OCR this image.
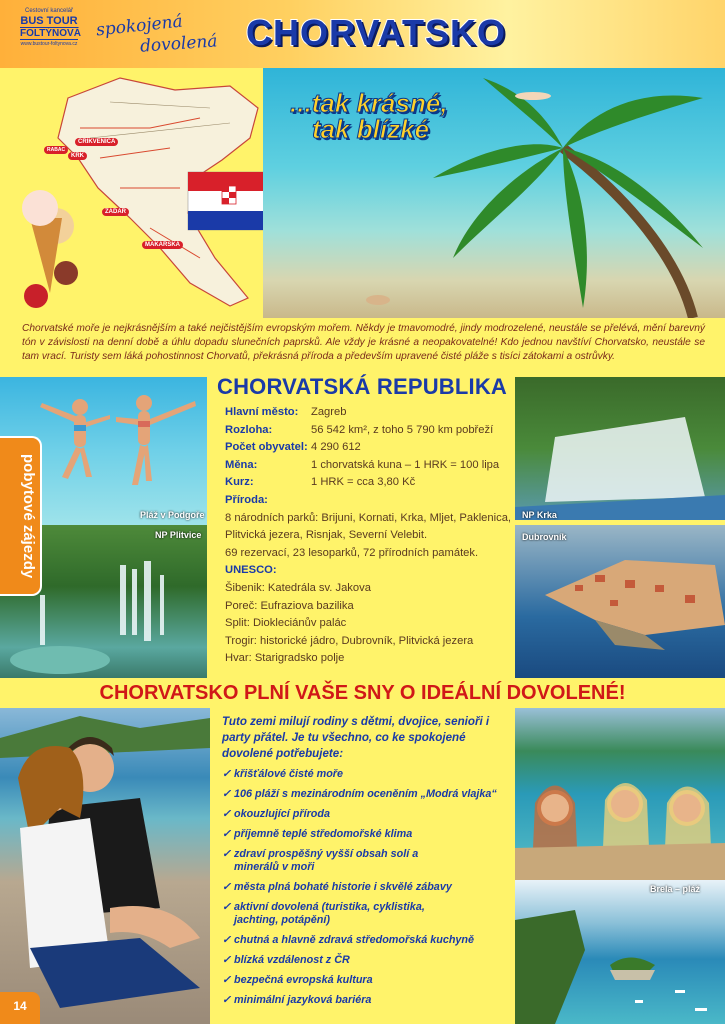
Cestovní kancelář
BUS TOUR
FOLTÝNOVÁ
www.bustour-foltynova.cz
spokojená
dovolená CHORVATSKO
CRIKVENICA
KRK
RABAC
ZADAR
MAKARSKA
...tak krásné,
tak blízké

Chorvatské moře je nejkrásnějším a také nejčistějším evropským mořem. Někdy je tmavomodré, jindy modrozelené, neustále se přelévá, mění barevný tón v závislosti na denní době a úhlu dopadu slunečních paprsků. Ale vždy je krásné a neopakovatelné! Kdo jednou navštíví Chorvatsko, neustále se tam vrací. Turisty sem láká pohostinnost Chorvatů, překrásná příroda a především upravené čisté pláže s tisíci zátokami a ostrůvky.

Pláž v Podgoře
NP Plitvice
pobytové zájezdy
CHORVATSKÁ REPUBLIKA
Hlavní město:	Zagreb
Rozloha:	56 542 km², z toho 5 790 km pobřeží
Počet obyvatel: 4 290 612
Měna:	1 chorvatská kuna – 1 HRK = 100 lipa
Kurz:	1 HRK = cca 3,80 Kč
Příroda:
8 národních parků: Brijuni, Kornati, Krka, Mljet, Paklenica, Plitvická jezera, Risnjak, Severní Velebit.
69 rezervací, 23 lesoparků, 72 přírodních památek.
UNESCO:
Šibenik: Katedrála sv. Jakova
Poreč: Eufraziova bazilika
Split: Diokleciánův palác
Trogir: historické jádro, Dubrovník, Plitvická jezera
Hvar: Starigradsko polje
NP Krka
Dubrovník
CHORVATSKO PLNÍ VAŠE SNY O IDEÁLNÍ DOVOLENÉ!

Tuto zemi milují rodiny s dětmi, dvojice, senioři i party přátel. Je tu všechno, co ke spokojené dovolené potřebujete:

✓ křišťálové čisté moře
✓ 106 pláží s mezinárodním oceněním „Modrá vlajka“
✓ okouzlující příroda
✓ příjemně teplé středomořské klima
✓ zdraví prospěšný vyšší obsah solí a minerálů v moři
✓ města plná bohaté historie i skvělé zábavy
✓ aktivní dovolená (turistika, cyklistika, jachting, potápění)
✓ chutná a hlavně zdravá středomořská kuchyně
✓ blízká vzdálenost z ČR
✓ bezpečná evropská kultura
✓ minimální jazyková bariéra
Brela – pláž
14
